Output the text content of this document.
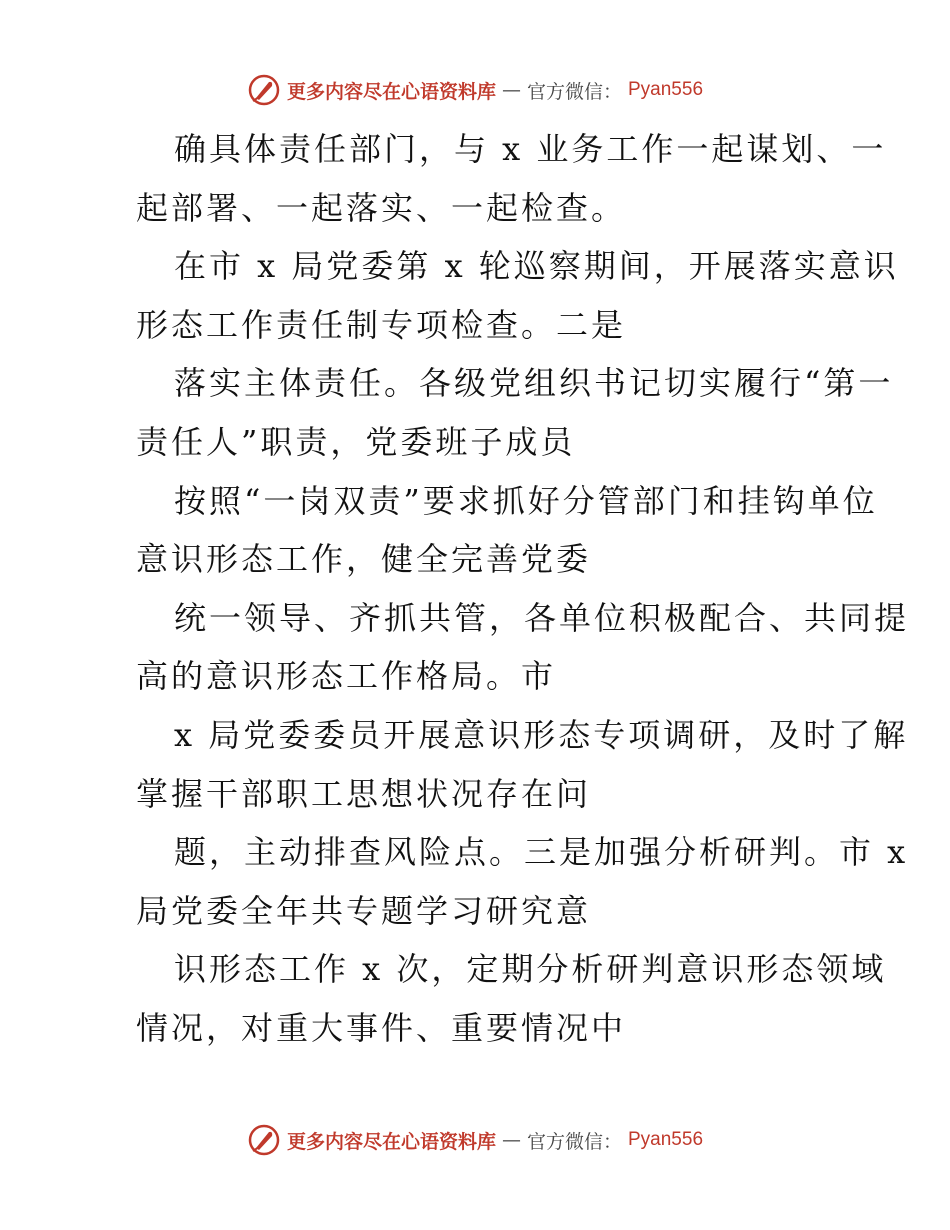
更多内容尽在心语资料库 — 官方微信： Pyan556

确具体责任部门，与 x 业务工作一起谋划、一
起部署、一起落实、一起检查。

在市 x 局党委第 x 轮巡察期间，开展落实意识
形态工作责任制专项检查。二是

落实主体责任。各级党组织书记切实履行“第一
责任人”职责，党委班子成员

按照“一岗双责”要求抓好分管部门和挂钩单位
意识形态工作，健全完善党委

统一领导、齐抓共管，各单位积极配合、共同提
高的意识形态工作格局。市

x 局党委委员开展意识形态专项调研，及时了解
掌握干部职工思想状况存在问

题，主动排查风险点。三是加强分析研判。市 x
局党委全年共专题学习研究意

识形态工作 x 次，定期分析研判意识形态领域
情况，对重大事件、重要情况中

更多内容尽在心语资料库 — 官方微信： Pyan556
